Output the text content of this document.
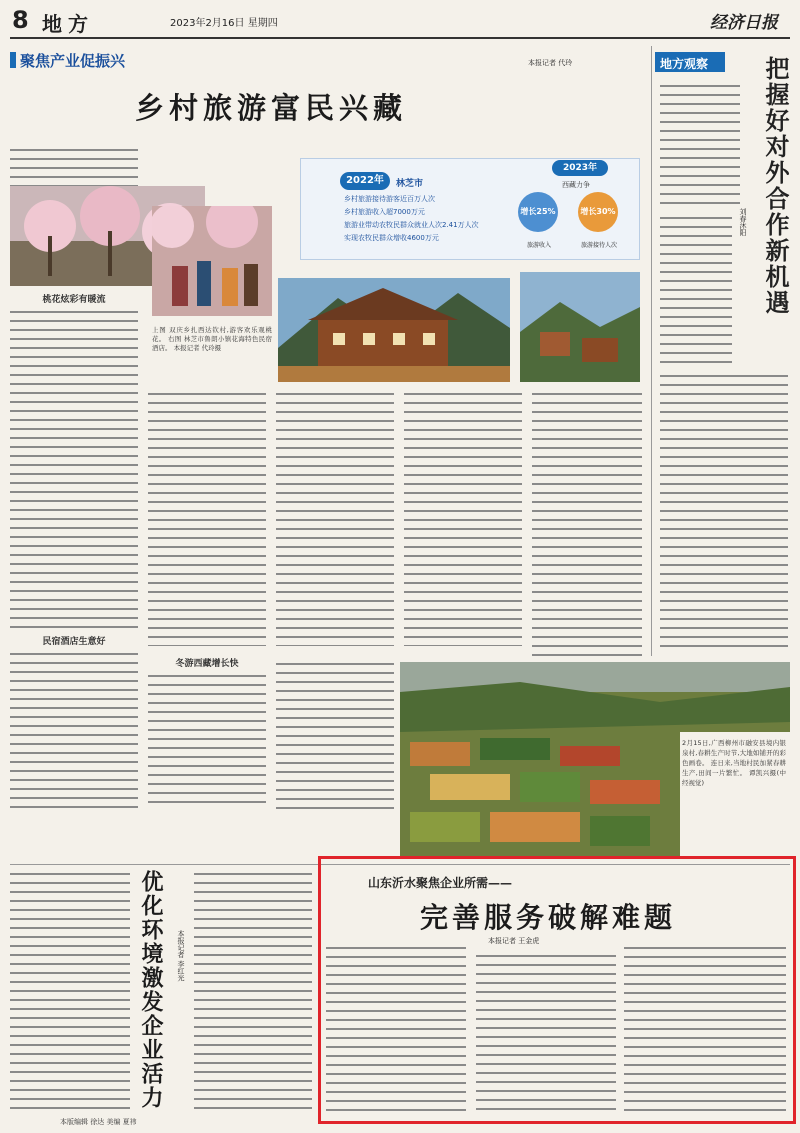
8 地方	2023年2月16日 星期四	经济日报
聚焦产业促振兴	本报记者 代玲
乡村旅游富民兴藏
桃花炫彩有暖流
民宿酒店生意好
2022年	林芝市
乡村旅游接待游客近百万人次
乡村旅游收入超7000万元
旅游业带动农牧民群众就业人次2.41万人次
实现农牧民群众增收4600万元
2023年
西藏力争
增长25%	增长30%
旅游收入	旅游接待人次
上图 双庆乡扎西达钦村,游客欢乐观桃花。 右图 林芝市鲁朗小镇花海特色民宿酒店。 本报记者 代玲摄
冬游西藏增长快
2月15日,广西柳州市融安县境内银泉村,春耕生产时节,大地如铺开的彩色画卷。 连日来,当地村民加紧春耕生产,田间一片繁忙。 谭凯兴摄(中经视觉)
地方观察 把握好对外合作新机遇
刘春沐阳
优化环境激发企业活力	本报记者 李红光
本版编辑 徐达 美编 夏祎
山东沂水聚焦企业所需——
完善服务破解难题
本报记者 王金虎
